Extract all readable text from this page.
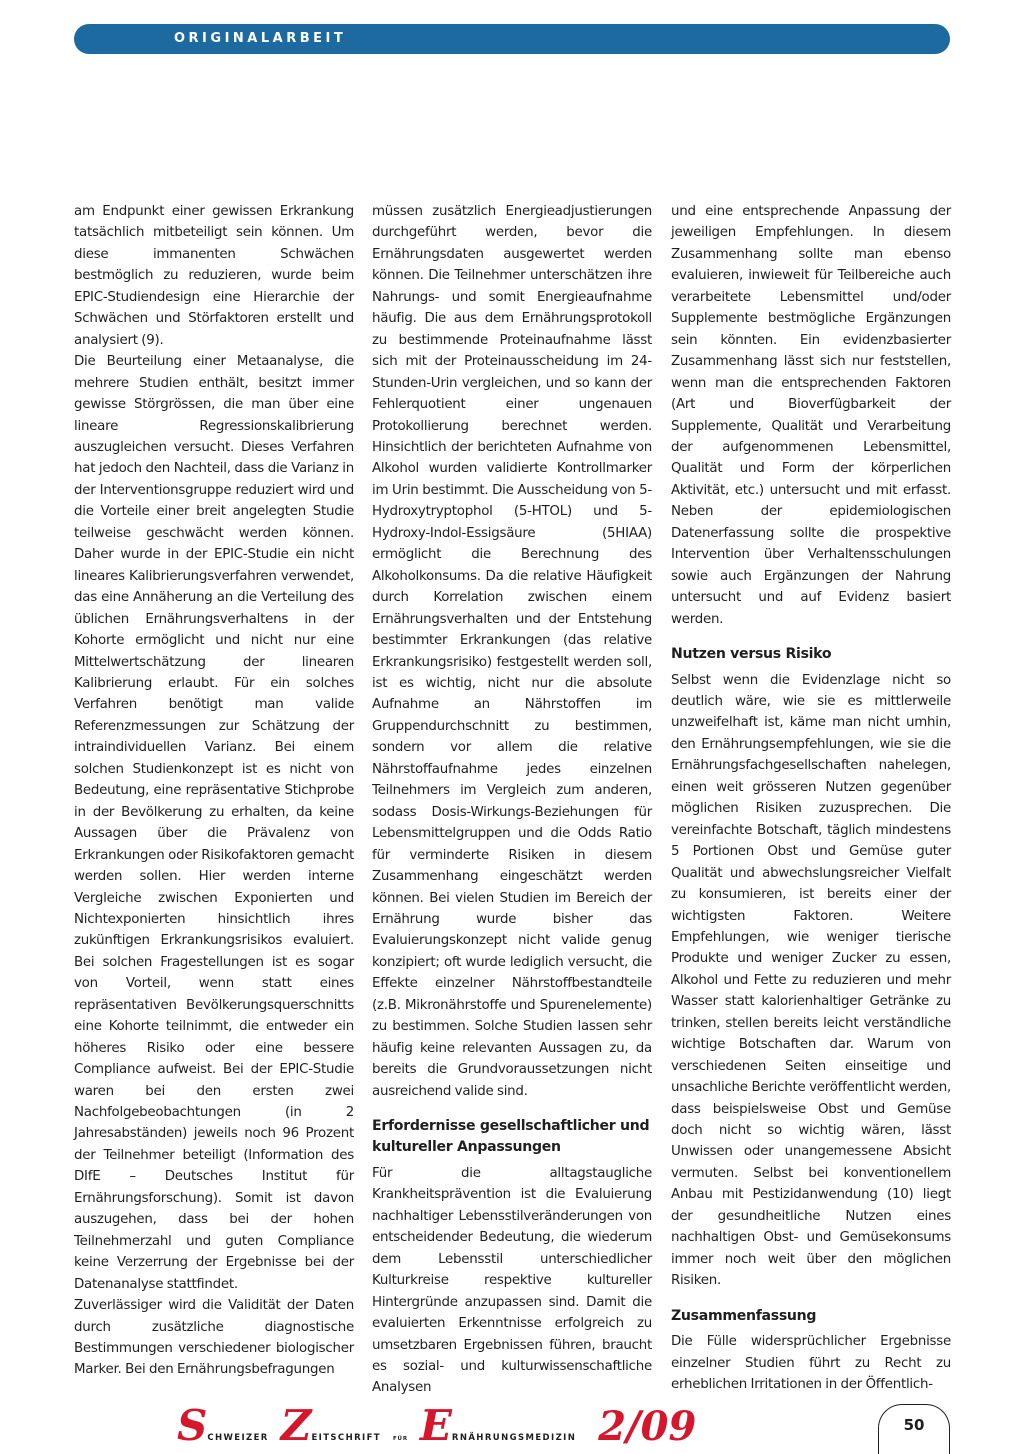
ORIGINALARBEIT

am Endpunkt einer gewissen Erkrankung tatsächlich mitbeteiligt sein können. Um diese immanenten Schwächen bestmöglich zu reduzieren, wurde beim EPIC-Studiendesign eine Hierarchie der Schwächen und Störfaktoren erstellt und analysiert (9).

Die Beurteilung einer Metaanalyse, die mehrere Studien enthält, besitzt immer gewisse Störgrössen, die man über eine lineare Regressionskalibrierung auszugleichen versucht. Dieses Verfahren hat jedoch den Nachteil, dass die Varianz in der Interventionsgruppe reduziert wird und die Vorteile einer breit angelegten Studie teilweise geschwächt werden können. Daher wurde in der EPIC-Studie ein nicht lineares Kalibrierungsverfahren verwendet, das eine Annäherung an die Verteilung des üblichen Ernährungsverhaltens in der Kohorte ermöglicht und nicht nur eine Mittelwertschätzung der linearen Kalibrierung erlaubt. Für ein solches Verfahren benötigt man valide Referenzmessungen zur Schätzung der intraindividuellen Varianz. Bei einem solchen Studienkonzept ist es nicht von Bedeutung, eine repräsentative Stichprobe in der Bevölkerung zu erhalten, da keine Aussagen über die Prävalenz von Erkrankungen oder Risikofaktoren gemacht werden sollen. Hier werden interne Vergleiche zwischen Exponierten und Nichtexponierten hinsichtlich ihres zukünftigen Erkrankungsrisikos evaluiert. Bei solchen Fragestellungen ist es sogar von Vorteil, wenn statt eines repräsentativen Bevölkerungsquerschnitts eine Kohorte teilnimmt, die entweder ein höheres Risiko oder eine bessere Compliance aufweist. Bei der EPIC-Studie waren bei den ersten zwei Nachfolgebeobachtungen (in 2 Jahresabständen) jeweils noch 96 Prozent der Teilnehmer beteiligt (Information des DIfE – Deutsches Institut für Ernährungsforschung). Somit ist davon auszugehen, dass bei der hohen Teilnehmerzahl und guten Compliance keine Verzerrung der Ergebnisse bei der Datenanalyse stattfindet.

Zuverlässiger wird die Validität der Daten durch zusätzliche diagnostische Bestimmungen verschiedener biologischer Marker. Bei den Ernährungsbefragungen

müssen zusätzlich Energieadjustierungen durchgeführt werden, bevor die Ernährungsdaten ausgewertet werden können. Die Teilnehmer unterschätzen ihre Nahrungs- und somit Energieaufnahme häufig. Die aus dem Ernährungsprotokoll zu bestimmende Proteinaufnahme lässt sich mit der Proteinausscheidung im 24-Stunden-Urin vergleichen, und so kann der Fehlerquotient einer ungenauen Protokollierung berechnet werden. Hinsichtlich der berichteten Aufnahme von Alkohol wurden validierte Kontrollmarker im Urin bestimmt. Die Ausscheidung von 5-Hydroxytryptophol (5-HTOL) und 5-Hydroxy-Indol-Essigsäure (5HIAA) ermöglicht die Berechnung des Alkoholkonsums. Da die relative Häufigkeit durch Korrelation zwischen einem Ernährungsverhalten und der Entstehung bestimmter Erkrankungen (das relative Erkrankungsrisiko) festgestellt werden soll, ist es wichtig, nicht nur die absolute Aufnahme an Nährstoffen im Gruppendurchschnitt zu bestimmen, sondern vor allem die relative Nährstoffaufnahme jedes einzelnen Teilnehmers im Vergleich zum anderen, sodass Dosis-Wirkungs-Beziehungen für Lebensmittelgruppen und die Odds Ratio für verminderte Risiken in diesem Zusammenhang eingeschätzt werden können. Bei vielen Studien im Bereich der Ernährung wurde bisher das Evaluierungskonzept nicht valide genug konzipiert; oft wurde lediglich versucht, die Effekte einzelner Nährstoffbestandteile (z.B. Mikronährstoffe und Spurenelemente) zu bestimmen. Solche Studien lassen sehr häufig keine relevanten Aussagen zu, da bereits die Grundvoraussetzungen nicht ausreichend valide sind.

Erfordernisse gesellschaftlicher und kultureller Anpassungen

Für die alltagstaugliche Krankheitsprävention ist die Evaluierung nachhaltiger Lebensstilveränderungen von entscheidender Bedeutung, die wiederum dem Lebensstil unterschiedlicher Kulturkreise respektive kultureller Hintergründe anzupassen sind. Damit die evaluierten Erkenntnisse erfolgreich zu umsetzbaren Ergebnissen führen, braucht es sozial- und kulturwissenschaftliche Analysen

und eine entsprechende Anpassung der jeweiligen Empfehlungen. In diesem Zusammenhang sollte man ebenso evaluieren, inwieweit für Teilbereiche auch verarbeitete Lebensmittel und/oder Supplemente bestmögliche Ergänzungen sein könnten. Ein evidenzbasierter Zusammenhang lässt sich nur feststellen, wenn man die entsprechenden Faktoren (Art und Bioverfügbarkeit der Supplemente, Qualität und Verarbeitung der aufgenommenen Lebensmittel, Qualität und Form der körperlichen Aktivität, etc.) untersucht und mit erfasst. Neben der epidemiologischen Datenerfassung sollte die prospektive Intervention über Verhaltensschulungen sowie auch Ergänzungen der Nahrung untersucht und auf Evidenz basiert werden.

Nutzen versus Risiko

Selbst wenn die Evidenzlage nicht so deutlich wäre, wie sie es mittlerweile unzweifelhaft ist, käme man nicht umhin, den Ernährungsempfehlungen, wie sie die Ernährungsfachgesellschaften nahelegen, einen weit grösseren Nutzen gegenüber möglichen Risiken zuzusprechen. Die vereinfachte Botschaft, täglich mindestens 5 Portionen Obst und Gemüse guter Qualität und abwechslungsreicher Vielfalt zu konsumieren, ist bereits einer der wichtigsten Faktoren. Weitere Empfehlungen, wie weniger tierische Produkte und weniger Zucker zu essen, Alkohol und Fette zu reduzieren und mehr Wasser statt kalorienhaltiger Getränke zu trinken, stellen bereits leicht verständliche wichtige Botschaften dar. Warum von verschiedenen Seiten einseitige und unsachliche Berichte veröffentlicht werden, dass beispielsweise Obst und Gemüse doch nicht so wichtig wären, lässt Unwissen oder unangemessene Absicht vermuten. Selbst bei konventionellem Anbau mit Pestizidanwendung (10) liegt der gesundheitliche Nutzen eines nachhaltigen Obst- und Gemüsekonsums immer noch weit über den möglichen Risiken.

Zusammenfassung

Die Fülle widersprüchlicher Ergebnisse einzelner Studien führt zu Recht zu erheblichen Irritationen in der Öffentlich-

SCHWEIZER ZEITSCHRIFT FÜR ERNÄHRUNGSMEDIZIN 2/09	50
